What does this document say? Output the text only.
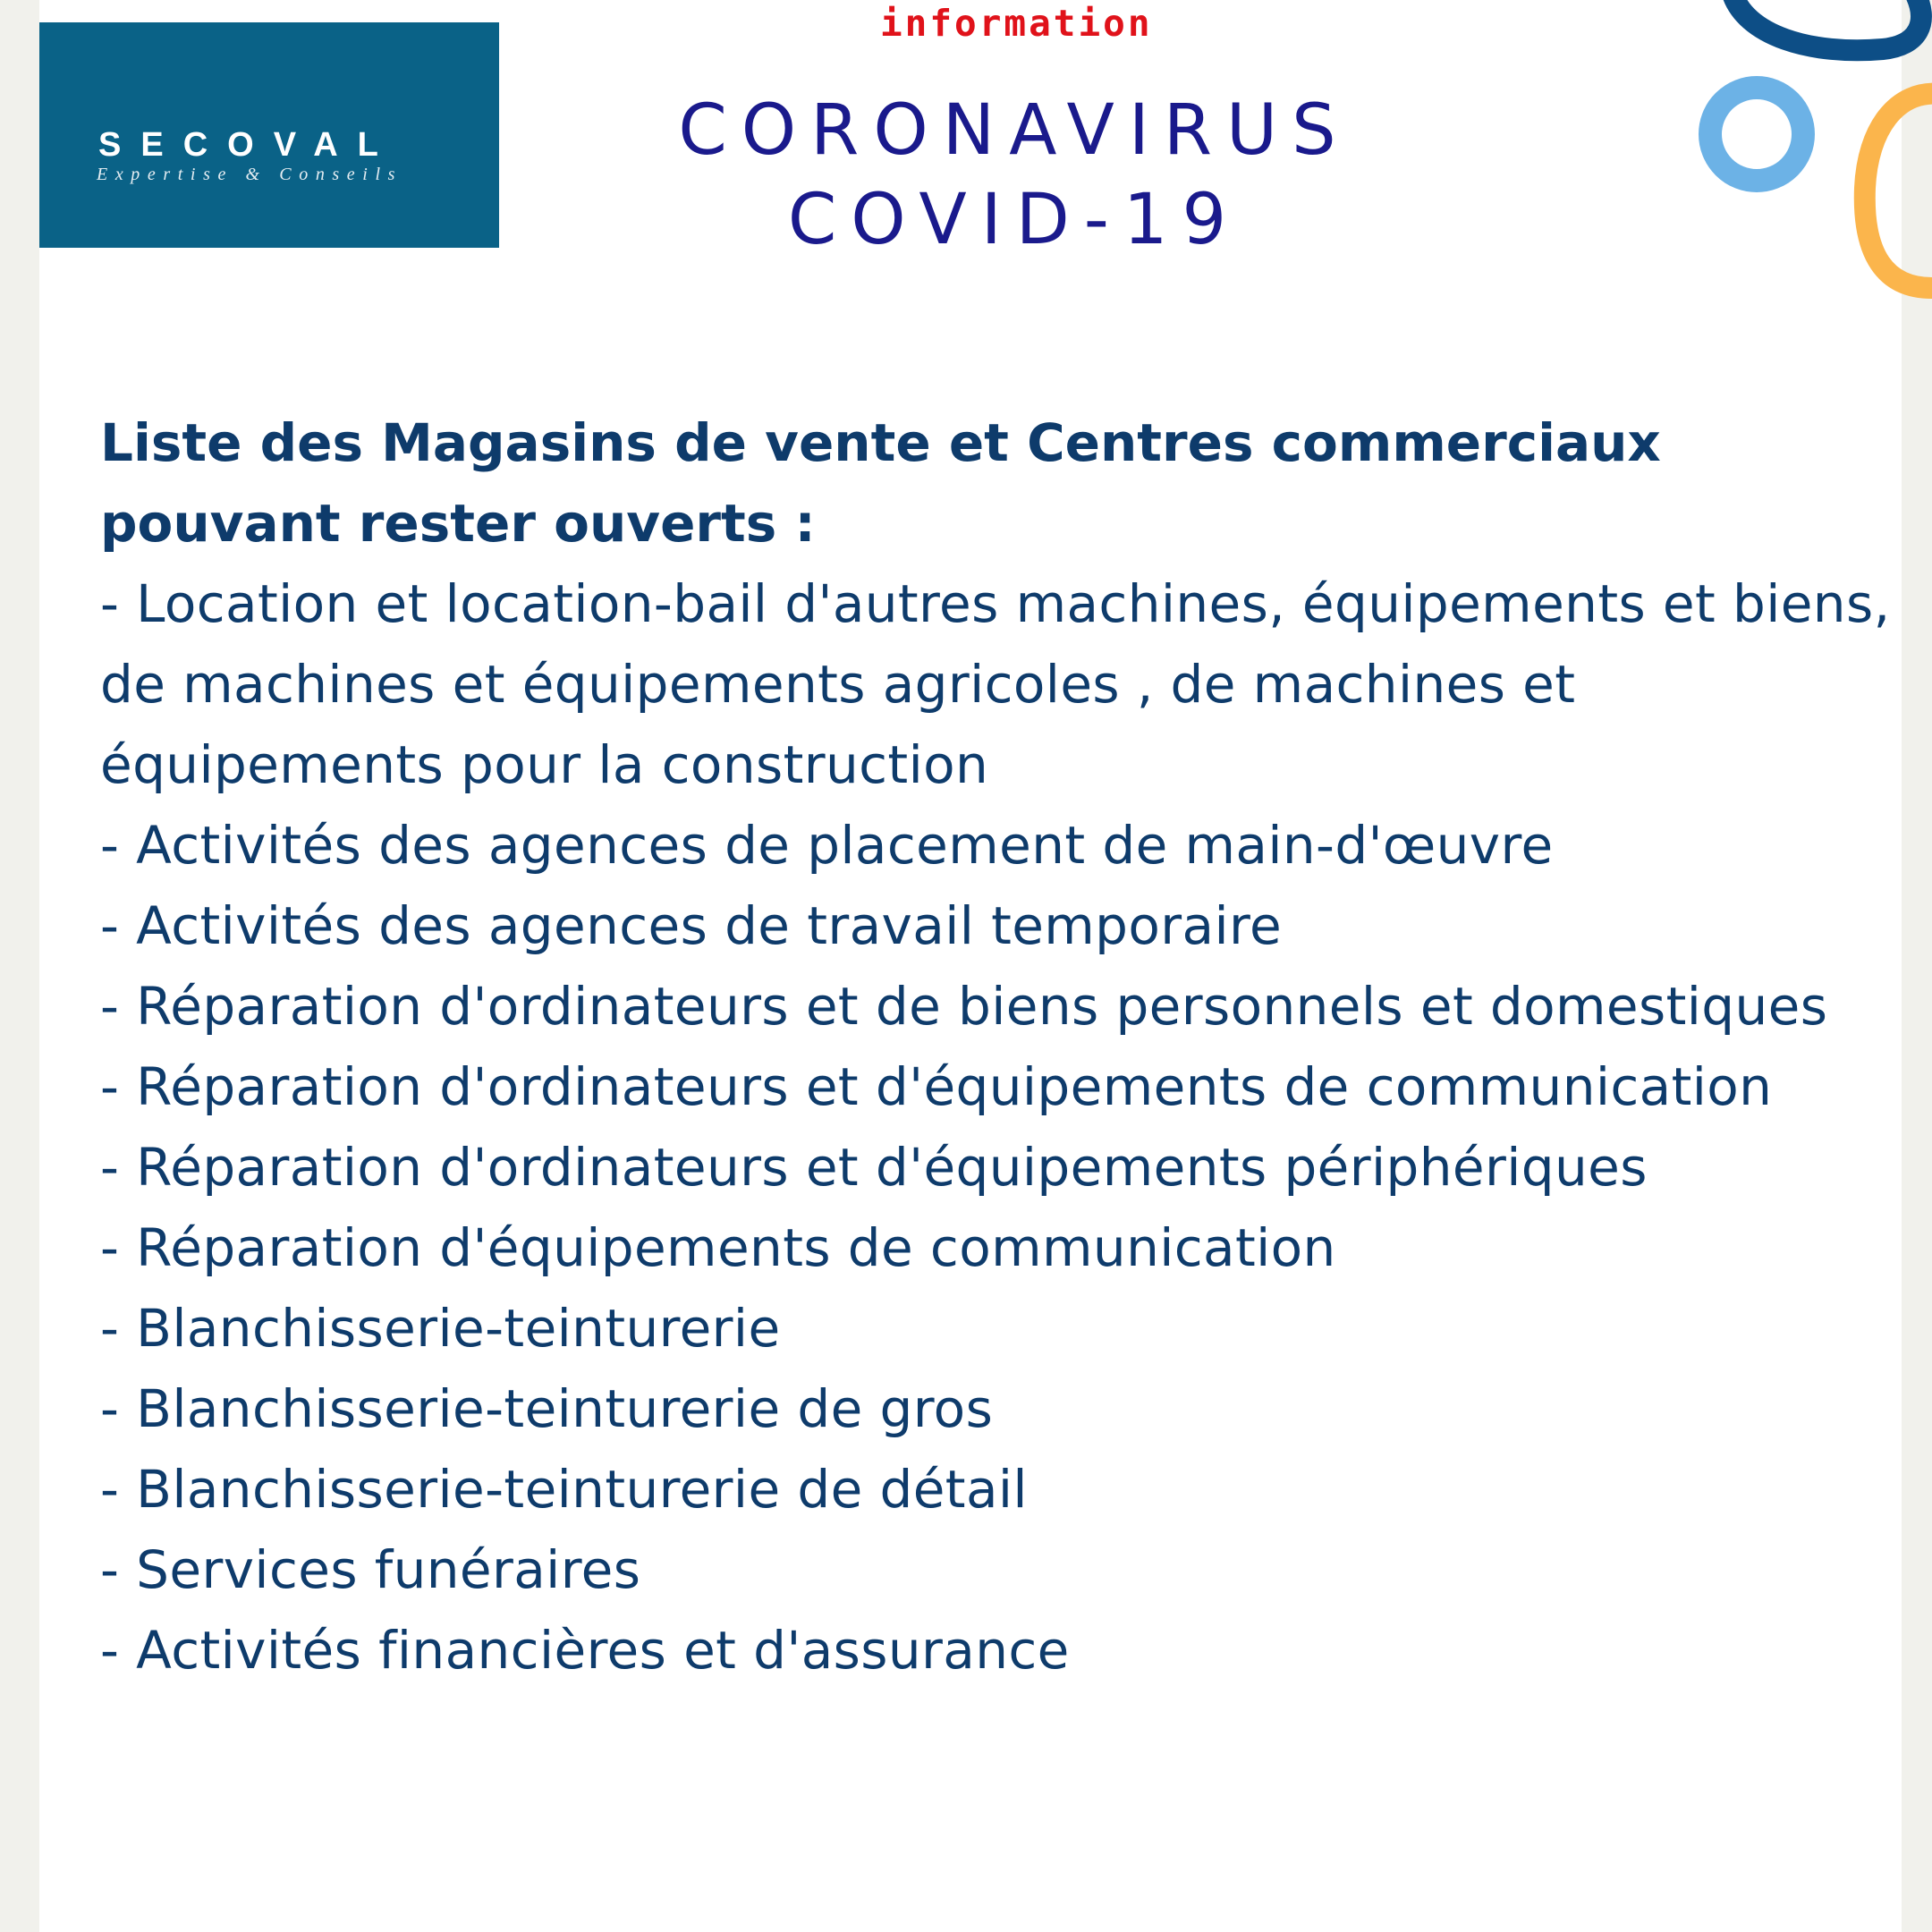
SECOVAL
Expertise & Conseils
information
CORONAVIRUS
COVID-19

Liste des Magasins de vente et Centres commerciaux pouvant rester ouverts :

- Location et location-bail d'autres machines, équipements et biens, de machines et équipements agricoles , de machines et équipements pour la construction
- Activités des agences de placement de main-d'œuvre
- Activités des agences de travail temporaire
- Réparation d'ordinateurs et de biens personnels et domestiques
- Réparation d'ordinateurs et d'équipements de communication
- Réparation d'ordinateurs et d'équipements périphériques
- Réparation d'équipements de communication
- Blanchisserie-teinturerie
- Blanchisserie-teinturerie de gros
- Blanchisserie-teinturerie de détail
- Services funéraires
- Activités financières et d'assurance
